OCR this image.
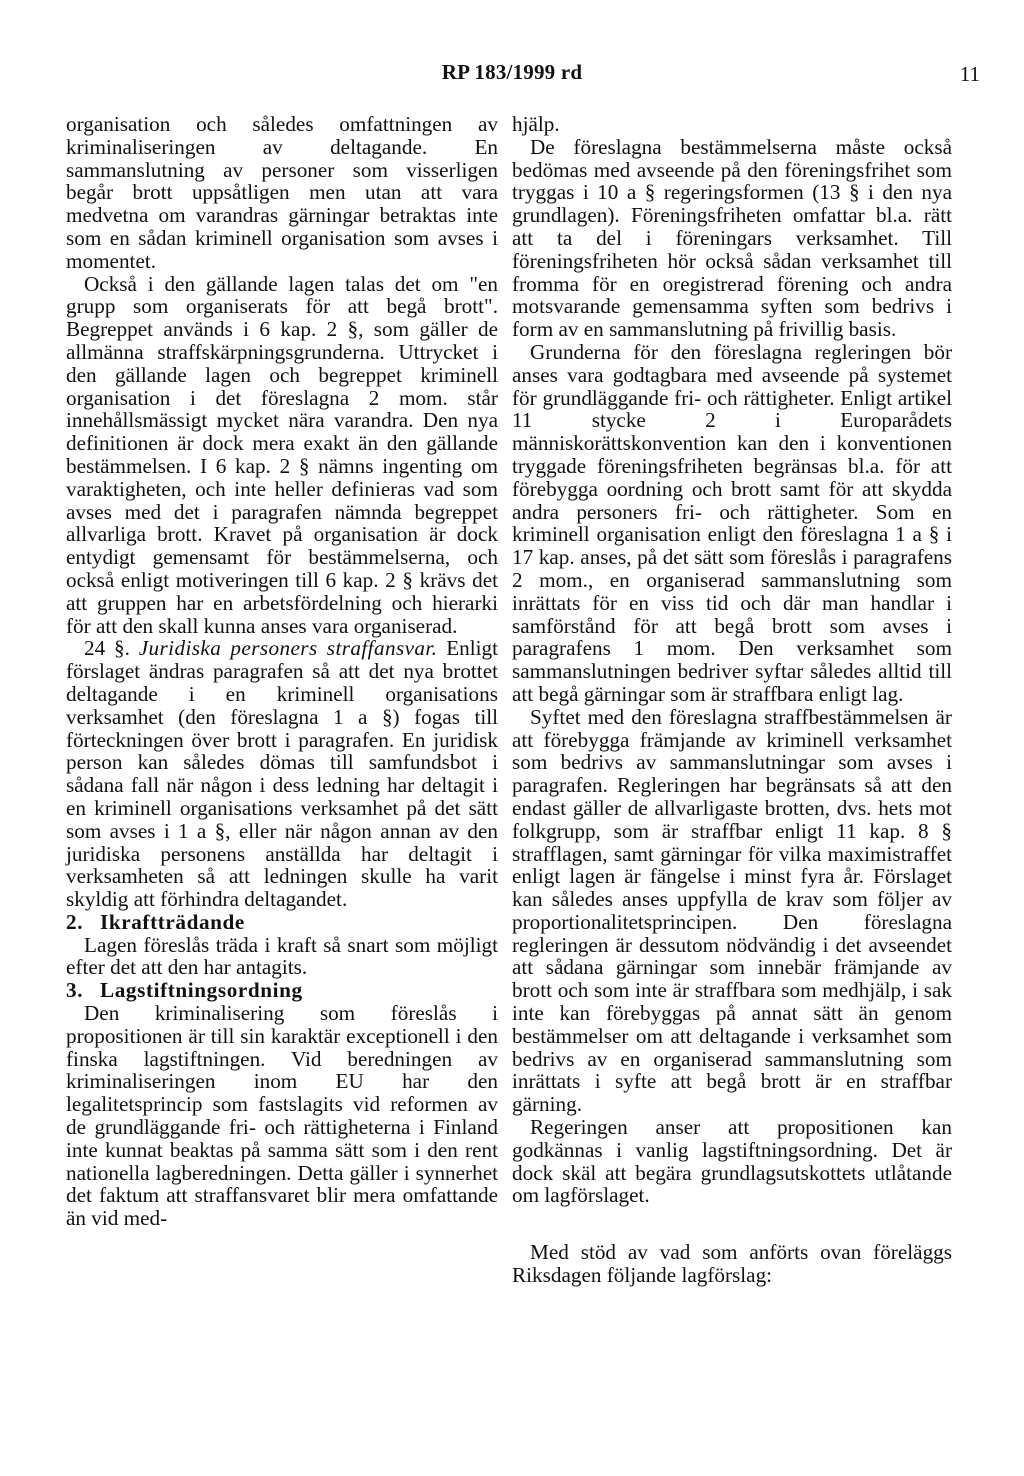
RP 183/1999 rd	11

organisation och således omfattningen av kriminaliseringen av deltagande. En sammanslutning av personer som visserligen begår brott uppsåtligen men utan att vara medvetna om varandras gärningar betraktas inte som en sådan kriminell organisation som avses i momentet.

Också i den gällande lagen talas det om "en grupp som organiserats för att begå brott". Begreppet används i 6 kap. 2 §, som gäller de allmänna straffskärpningsgrunderna. Uttrycket i den gällande lagen och begreppet kriminell organisation i det föreslagna 2 mom. står innehållsmässigt mycket nära varandra. Den nya definitionen är dock mera exakt än den gällande bestämmelsen. I 6 kap. 2 § nämns ingenting om varaktigheten, och inte heller definieras vad som avses med det i paragrafen nämnda begreppet allvarliga brott. Kravet på organisation är dock entydigt gemensamt för bestämmelserna, och också enligt motiveringen till 6 kap. 2 § krävs det att gruppen har en arbetsfördelning och hierarki för att den skall kunna anses vara organiserad.

24 §. Juridiska personers straffansvar. Enligt förslaget ändras paragrafen så att det nya brottet deltagande i en kriminell organisations verksamhet (den föreslagna 1 a §) fogas till förteckningen över brott i paragrafen. En juridisk person kan således dömas till samfundsbot i sådana fall när någon i dess ledning har deltagit i en kriminell organisations verksamhet på det sätt som avses i 1 a §, eller när någon annan av den juridiska personens anställda har deltagit i verksamheten så att ledningen skulle ha varit skyldig att förhindra deltagandet.

2. Ikraftträdande

Lagen föreslås träda i kraft så snart som möjligt efter det att den har antagits.

3. Lagstiftningsordning

Den kriminalisering som föreslås i propositionen är till sin karaktär exceptionell i den finska lagstiftningen. Vid beredningen av kriminaliseringen inom EU har den legalitetsprincip som fastslagits vid reformen av de grundläggande fri- och rättigheterna i Finland inte kunnat beaktas på samma sätt som i den rent nationella lagberedningen. Detta gäller i synnerhet det faktum att straffansvaret blir mera omfattande än vid med-

hjälp.

De föreslagna bestämmelserna måste också bedömas med avseende på den föreningsfrihet som tryggas i 10 a § regeringsformen (13 § i den nya grundlagen). Föreningsfriheten omfattar bl.a. rätt att ta del i föreningars verksamhet. Till föreningsfriheten hör också sådan verksamhet till fromma för en oregistrerad förening och andra motsvarande gemensamma syften som bedrivs i form av en sammanslutning på frivillig basis.

Grunderna för den föreslagna regleringen bör anses vara godtagbara med avseende på systemet för grundläggande fri- och rättigheter. Enligt artikel 11 stycke 2 i Europarådets människorättskonvention kan den i konventionen tryggade föreningsfriheten begränsas bl.a. för att förebygga oordning och brott samt för att skydda andra personers fri- och rättigheter. Som en kriminell organisation enligt den föreslagna 1 a § i 17 kap. anses, på det sätt som föreslås i paragrafens 2 mom., en organiserad sammanslutning som inrättats för en viss tid och där man handlar i samförstånd för att begå brott som avses i paragrafens 1 mom. Den verksamhet som sammanslutningen bedriver syftar således alltid till att begå gärningar som är straffbara enligt lag.

Syftet med den föreslagna straffbestämmelsen är att förebygga främjande av kriminell verksamhet som bedrivs av sammanslutningar som avses i paragrafen. Regleringen har begränsats så att den endast gäller de allvarligaste brotten, dvs. hets mot folkgrupp, som är straffbar enligt 11 kap. 8 § strafflagen, samt gärningar för vilka maximistraffet enligt lagen är fängelse i minst fyra år. Förslaget kan således anses uppfylla de krav som följer av proportionalitetsprincipen. Den föreslagna regleringen är dessutom nödvändig i det avseendet att sådana gärningar som innebär främjande av brott och som inte är straffbara som medhjälp, i sak inte kan förebyggas på annat sätt än genom bestämmelser om att deltagande i verksamhet som bedrivs av en organiserad sammanslutning som inrättats i syfte att begå brott är en straffbar gärning.

Regeringen anser att propositionen kan godkännas i vanlig lagstiftningsordning. Det är dock skäl att begära grundlagsutskottets utlåtande om lagförslaget.

Med stöd av vad som anförts ovan föreläggs Riksdagen följande lagförslag:
